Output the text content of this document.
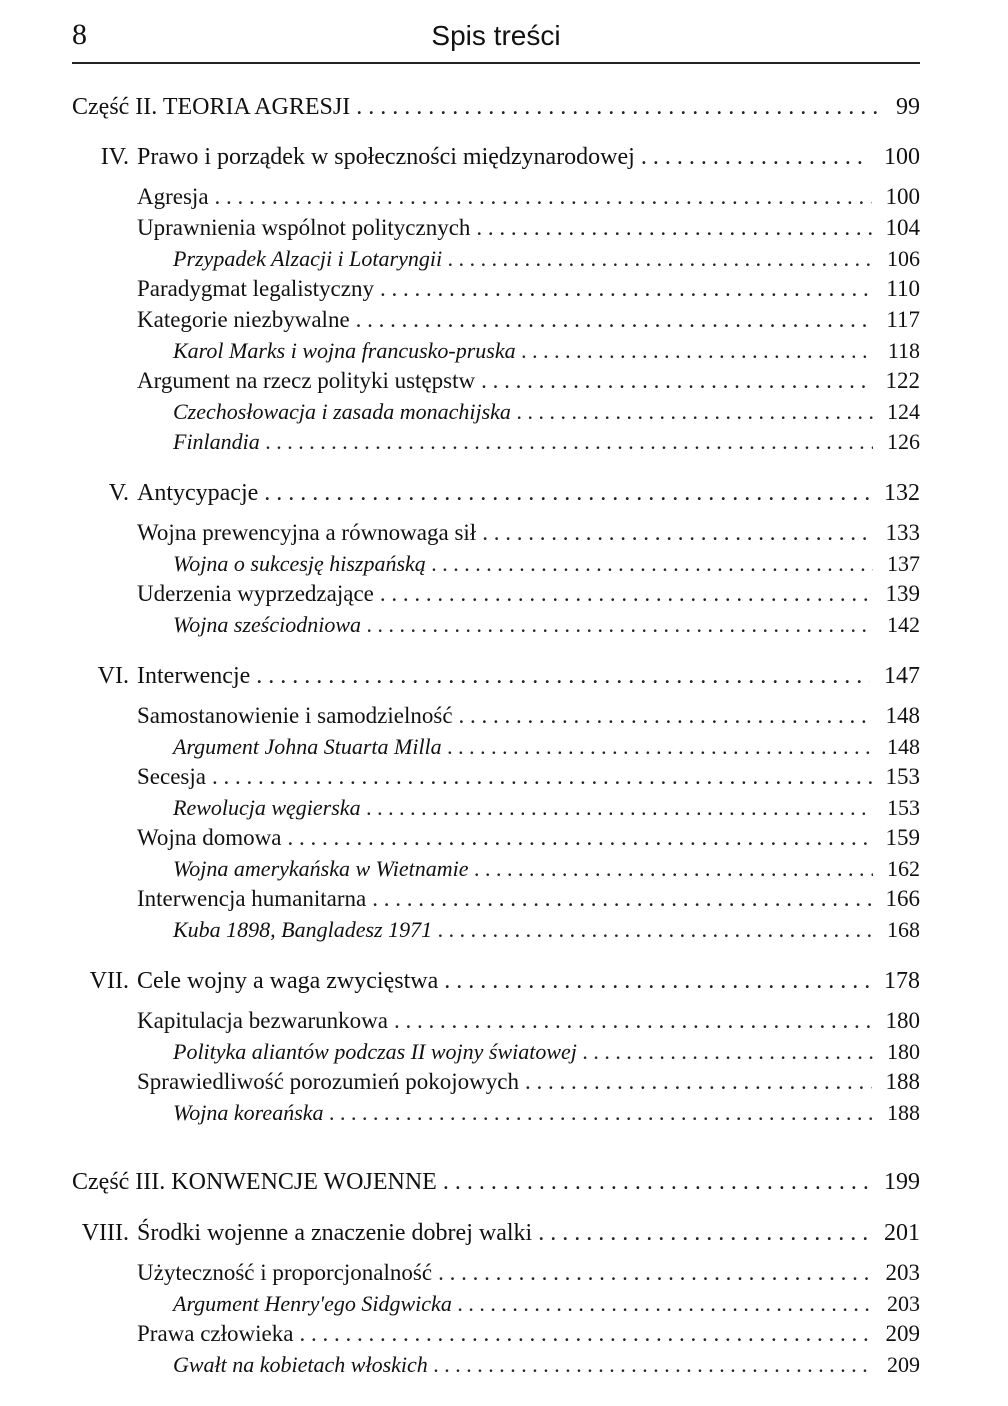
8	Spis treści
Część II. TEORIA AGRESJI . . .	99
IV. Prawo i porządek w społeczności międzynarodowej . . .	100
Agresja . . .	100
Uprawnienia wspólnot politycznych . . .	104
Przypadek Alzacji i Lotaryngii . . .	106
Paradygmat legalistyczny . . .	110
Kategorie niezbywalne . . .	117
Karol Marks i wojna francusko-pruska . . .	118
Argument na rzecz polityki ustępstw . . .	122
Czechosłowacja i zasada monachijska . . .	124
Finlandia . . .	126
V. Antycypacje . . .	132
Wojna prewencyjna a równowaga sił . . .	133
Wojna o sukcesję hiszpańską . . .	137
Uderzenia wyprzedzające . . .	139
Wojna sześciodniowa . . .	142
VI. Interwencje . . .	147
Samostanowienie i samodzielność . . .	148
Argument Johna Stuarta Milla . . .	148
Secesja . . .	153
Rewolucja węgierska . . .	153
Wojna domowa . . .	159
Wojna amerykańska w Wietnamie . . .	162
Interwencja humanitarna . . .	166
Kuba 1898, Bangladesz 1971 . . .	168
VII. Cele wojny a waga zwycięstwa . . .	178
Kapitulacja bezwarunkowa . . .	180
Polityka aliantów podczas II wojny światowej . . .	180
Sprawiedliwość porozumień pokojowych . . .	188
Wojna koreańska . . .	188
Część III. KONWENCJE WOJENNE . . .	199
VIII. Środki wojenne a znaczenie dobrej walki . . .	201
Użyteczność i proporcjonalność . . .	203
Argument Henry'ego Sidgwicka . . .	203
Prawa człowieka . . .	209
Gwałt na kobietach włoskich . . .	209
